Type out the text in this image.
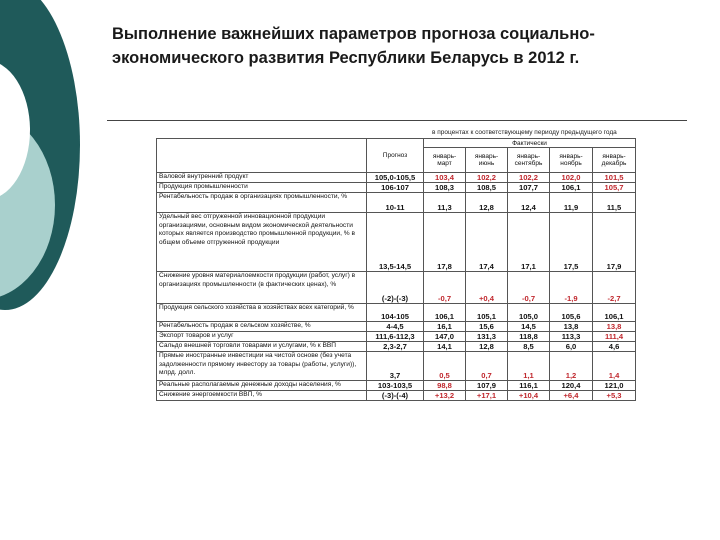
Выполнение важнейших параметров прогноза социально-
экономического развития Республики Беларусь в 2012 г.
в процентах к соответствующему периоду предыдущего года
	Прогноз	Фактически				
		январь-март	январь-июнь	январь-сентябрь	январь-ноябрь	январь-декабрь
Валовой внутренний продукт	105,0-105,5	103,4	102,2	102,2	102,0	101,5
Продукция промышленности	106-107	108,3	108,5	107,7	106,1	105,7
Рентабельность продаж в организациях промышленности, %	10-11	11,3	12,8	12,4	11,9	11,5
Удельный вес отгруженной инновационной продукции организациями, основным видом экономической деятельности которых является производство промышленной продукции, % в общем объеме отгруженной продукции	13,5-14,5	17,8	17,4	17,1	17,5	17,9
Снижение уровня материалоемкости продукции (работ, услуг) в организациях промышленности (в фактических ценах), %	(-2)-(-3)	-0,7	+0,4	-0,7	-1,9	-2,7
Продукция сельского хозяйства в хозяйствах всех категорий, %	104-105	106,1	105,1	105,0	105,6	106,1
Рентабельность продаж в сельском хозяйстве, %	4-4,5	16,1	15,6	14,5	13,8	13,8
Экспорт товаров и услуг	111,6-112,3	147,0	131,3	118,8	113,3	111,4
Сальдо внешней торговли товарами и услугами, % к ВВП	2,3-2,7	14,1	12,8	8,5	6,0	4,6
Прямые иностранные инвестиции на чистой основе (без учета задолженности прямому инвестору за товары (работы, услуги)), млрд. долл.	3,7	0,5	0,7	1,1	1,2	1,4
Реальные располагаемые денежные доходы населения, %	103-103,5	98,8	107,9	116,1	120,4	121,0
Снижение энергоемкости ВВП, %	(-3)-(-4)	+13,2	+17,1	+10,4	+6,4	+5,3
